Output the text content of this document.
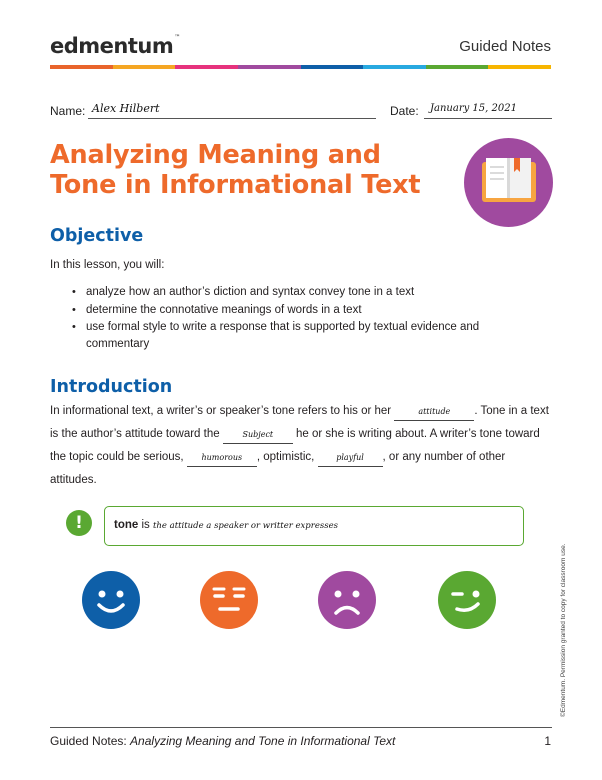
edmentum™
Guided Notes
Name: Alex Hilbert	Date:	January 15, 2021
Analyzing Meaning and
Tone in Informational Text
Objective
In this lesson, you will:
• analyze how an author’s diction and syntax convey tone in a text
• determine the connotative meanings of words in a text
• use formal style to write a response that is supported by textual evidence and commentary
Introduction
In informational text, a writer’s or speaker’s tone refers to his or her	attitude . Tone in a text is the author’s attitude toward the Subject he or she is writing about. A writer’s tone toward the topic could be serious, humorous , optimistic, playful , or any number of other attitudes.
!	tone is the attitude a speaker or writter expresses
©Edmentum. Permission granted to copy for classroom use.
Guided Notes: Analyzing Meaning and Tone in Informational Text	1
